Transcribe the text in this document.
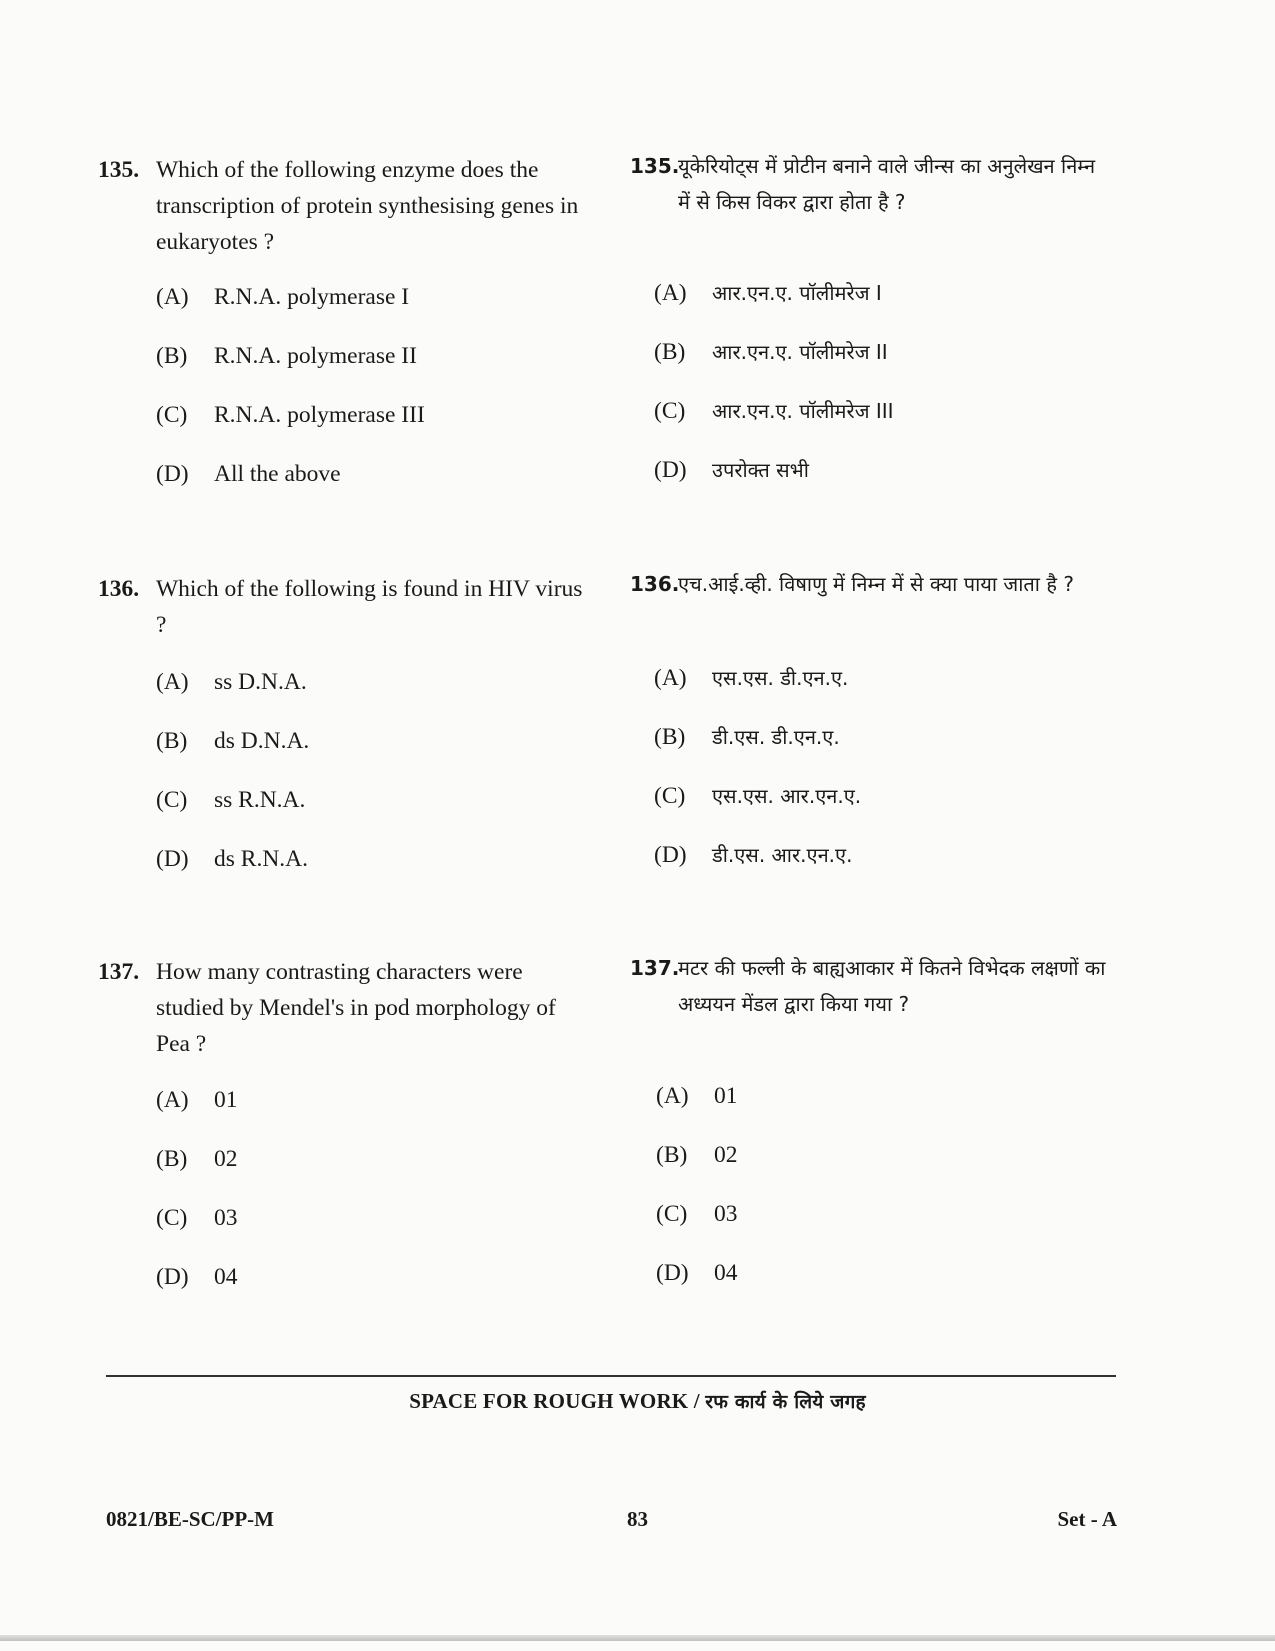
135. Which of the following enzyme does the transcription of protein synthesising genes in eukaryotes ?
135.
यूकेरियोट्स में प्रोटीन बनाने वाले जीन्स का अनुलेखन निम्न में से किस विकर द्वारा होता है ?
(A)	R.N.A. polymerase I
(B)	R.N.A. polymerase II
(C)	R.N.A. polymerase III
(D)	All the above
(A)	आर.एन.ए. पॉलीमरेज I
(B)	आर.एन.ए. पॉलीमरेज II
(C)	आर.एन.ए. पॉलीमरेज III
(D)	उपरोक्त सभी
136. Which of the following is found in HIV virus ?
136.
एच.आई.व्ही. विषाणु में निम्न में से क्या पाया जाता है ?
(A)	ss D.N.A.
(B)	ds D.N.A.
(C)	ss R.N.A.
(D)	ds R.N.A.
(A)	एस.एस. डी.एन.ए.
(B)	डी.एस. डी.एन.ए.
(C)	एस.एस. आर.एन.ए.
(D)	डी.एस. आर.एन.ए.
137. How many contrasting characters were studied by Mendel's in pod morphology of Pea ?
137.
मटर की फल्ली के बाह्यआकार में कितने विभेदक लक्षणों का अध्ययन मेंडल द्वारा किया गया ?
(A)	01
(B)	02
(C)	03
(D)	04
(A)	01
(B)	02
(C)	03
(D)	04
SPACE FOR ROUGH WORK / रफ कार्य के लिये जगह
0821/BE-SC/PP-M	83	Set - A
